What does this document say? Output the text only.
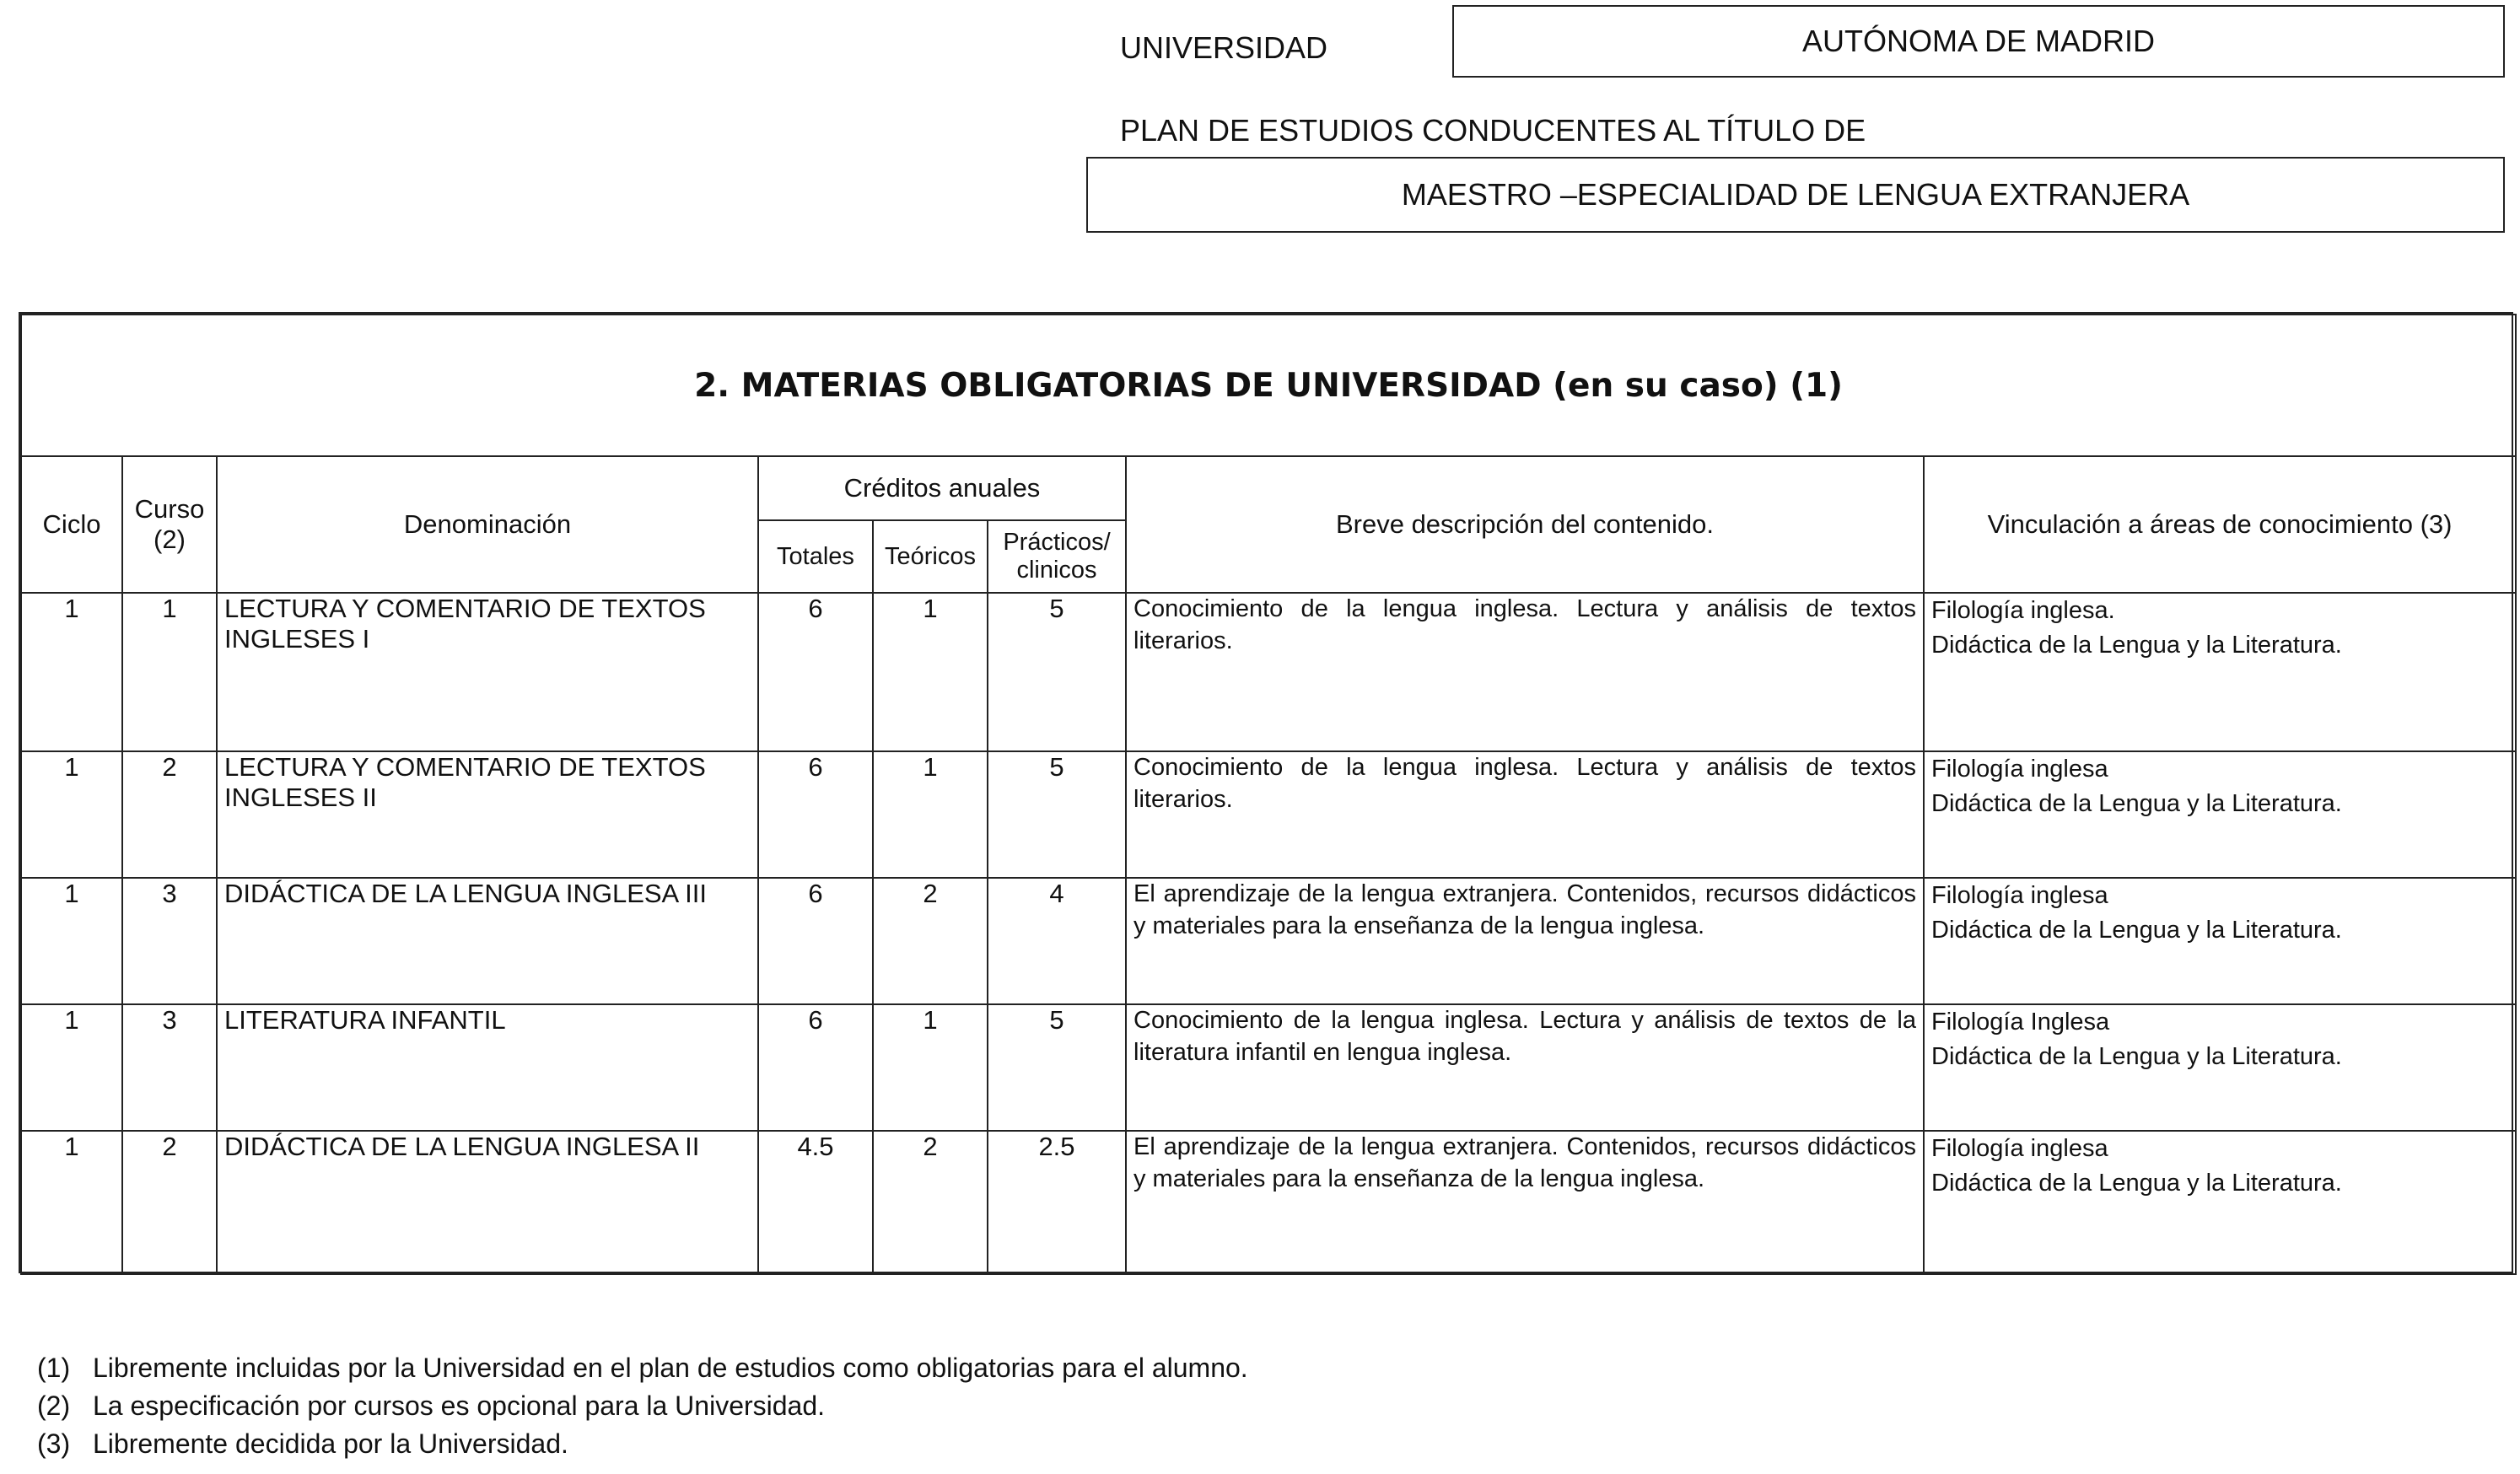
UNIVERSIDAD	AUTÓNOMA DE MADRID
PLAN DE ESTUDIOS CONDUCENTES AL TÍTULO DE
MAESTRO –ESPECIALIDAD DE LENGUA EXTRANJERA
2. MATERIAS OBLIGATORIAS DE UNIVERSIDAD (en su caso) (1)							
Ciclo	Curso
(2)	Denominación	Créditos anuales			Breve descripción del contenido.	Vinculación a áreas de conocimiento (3)
			Totales	Teóricos	Prácticos/
clinicos		
1	1	LECTURA Y COMENTARIO DE TEXTOS INGLESES I	6	1	5	Conocimiento de la lengua inglesa. Lectura y análisis de textos literarios.	Filología inglesa.
Didáctica de la Lengua y la Literatura.

1	2	LECTURA Y COMENTARIO DE TEXTOS INGLESES II	6	1	5	Conocimiento de la lengua inglesa. Lectura y análisis de textos literarios.	Filología inglesa
Didáctica de la Lengua y la Literatura.

1	3	DIDÁCTICA DE LA LENGUA INGLESA III	6	2	4	El aprendizaje de la lengua extranjera. Contenidos, recursos didácticos y materiales para la enseñanza de la lengua inglesa.	Filología inglesa
Didáctica de la Lengua y la Literatura.

1	3	LITERATURA INFANTIL	6	1	5	Conocimiento de la lengua inglesa. Lectura y análisis de textos de la literatura infantil en lengua inglesa.	Filología Inglesa
Didáctica de la Lengua y la Literatura.

1	2	DIDÁCTICA DE LA LENGUA INGLESA II	4.5	2	2.5	El aprendizaje de la lengua extranjera. Contenidos, recursos didácticos y materiales para la enseñanza de la lengua inglesa.	Filología inglesa
Didáctica de la Lengua y la Literatura.
(1) Libremente incluidas por la Universidad en el plan de estudios como obligatorias para el alumno.
(2) La especificación por cursos es opcional para la Universidad.
(3) Libremente decidida por la Universidad.
